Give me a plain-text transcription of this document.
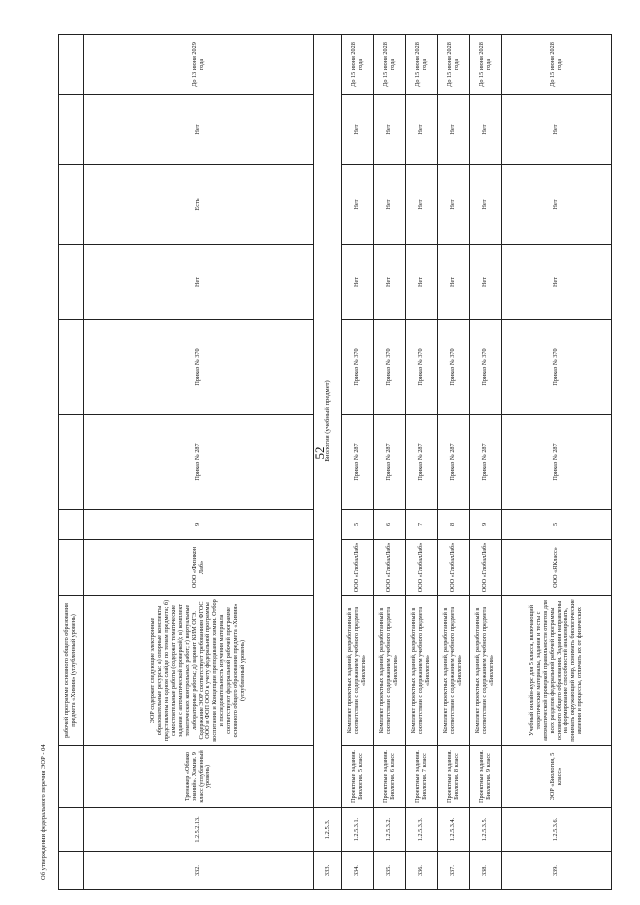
52
			рабочей программе основного общего образования предмета «Химия» (углубленный уровень)								
332.	1.2.5.2.13.	Тренажер «Облако знаний». Химия. 9 класс (углубленный уровень)	ЭОР содержит следующие электронные образовательные ресурсы: а) опорные конспекты представлены на одном слайде по темам предмета; б) самостоятельные работы (содержат тематические задания с автоматической проверкой); в) комплект тематических контрольных работ; г) виртуальные лабораторные работы; д) вариант КИМ ОГЭ. Содержание ЭОР соответствует требованиям ФГОС ООО и ФОП ООО к учету федеральной программы воспитания и Концепции преподавания химии. Отбор и последовательность изучения материала соответствуют федеральной рабочей программе основного общего образования предмета «Химия» (углубленный уровень)	ООО «Физикон Лаб»	9	Приказ № 287	Приказ № 370	Нет	Есть	Нет	До 13 июня 2029 года
333.	1.2.5.3.	Биология (учебный предмет)									
334.	1.2.5.3.1.	Проектные задания. Биология. 5 класс	Комплект проектных заданий, разработанный в соответствии с содержанием учебного предмета «Биология»	ООО «ГлобалЛаб»	5	Приказ № 287	Приказ № 370	Нет	Нет	Нет	До 15 июня 2028 года
335.	1.2.5.3.2.	Проектные задания. Биология. 6 класс	Комплект проектных заданий, разработанный в соответствии с содержанием учебного предмета «Биология»	ООО «ГлобалЛаб»	6	Приказ № 287	Приказ № 370	Нет	Нет	Нет	До 15 июня 2028 года
336.	1.2.5.3.3.	Проектные задания. Биология. 7 класс	Комплект проектных заданий, разработанный в соответствии с содержанием учебного предмета «Биология»	ООО «ГлобалЛаб»	7	Приказ № 287	Приказ № 370	Нет	Нет	Нет	До 15 июня 2028 года
337.	1.2.5.3.4.	Проектные задания. Биология. 8 класс	Комплект проектных заданий, разработанный в соответствии с содержанием учебного предмета «Биология»	ООО «ГлобалЛаб»	8	Приказ № 287	Приказ № 370	Нет	Нет	Нет	До 15 июня 2028 года
338.	1.2.5.3.5.	Проектные задания. Биология. 9 класс	Комплект проектных заданий, разработанный в соответствии с содержанием учебного предмета «Биология»	ООО «ГлобалЛаб»	9	Приказ № 287	Приказ № 370	Нет	Нет	Нет	До 15 июня 2028 года
339.	1.2.5.3.6.	ЭОР «Биология, 5 класс»	Учебный онлайн-курс для 5 класса, включающий теоретические материалы, задания и тесты с автоматической проверкой правильности ответов для всех разделов федеральной рабочей программы основного общего образования. Задания направлены на формирование способностей анализировать, понимать окружающий мир, понимать биологические явления и процессы, отличать их от физических	ООО «ЯКласс»	5	Приказ № 287	Приказ № 370	Нет	Нет	Нет	До 15 июня 2028 года
Об утверждении федерального перечня ЭОР - 04
